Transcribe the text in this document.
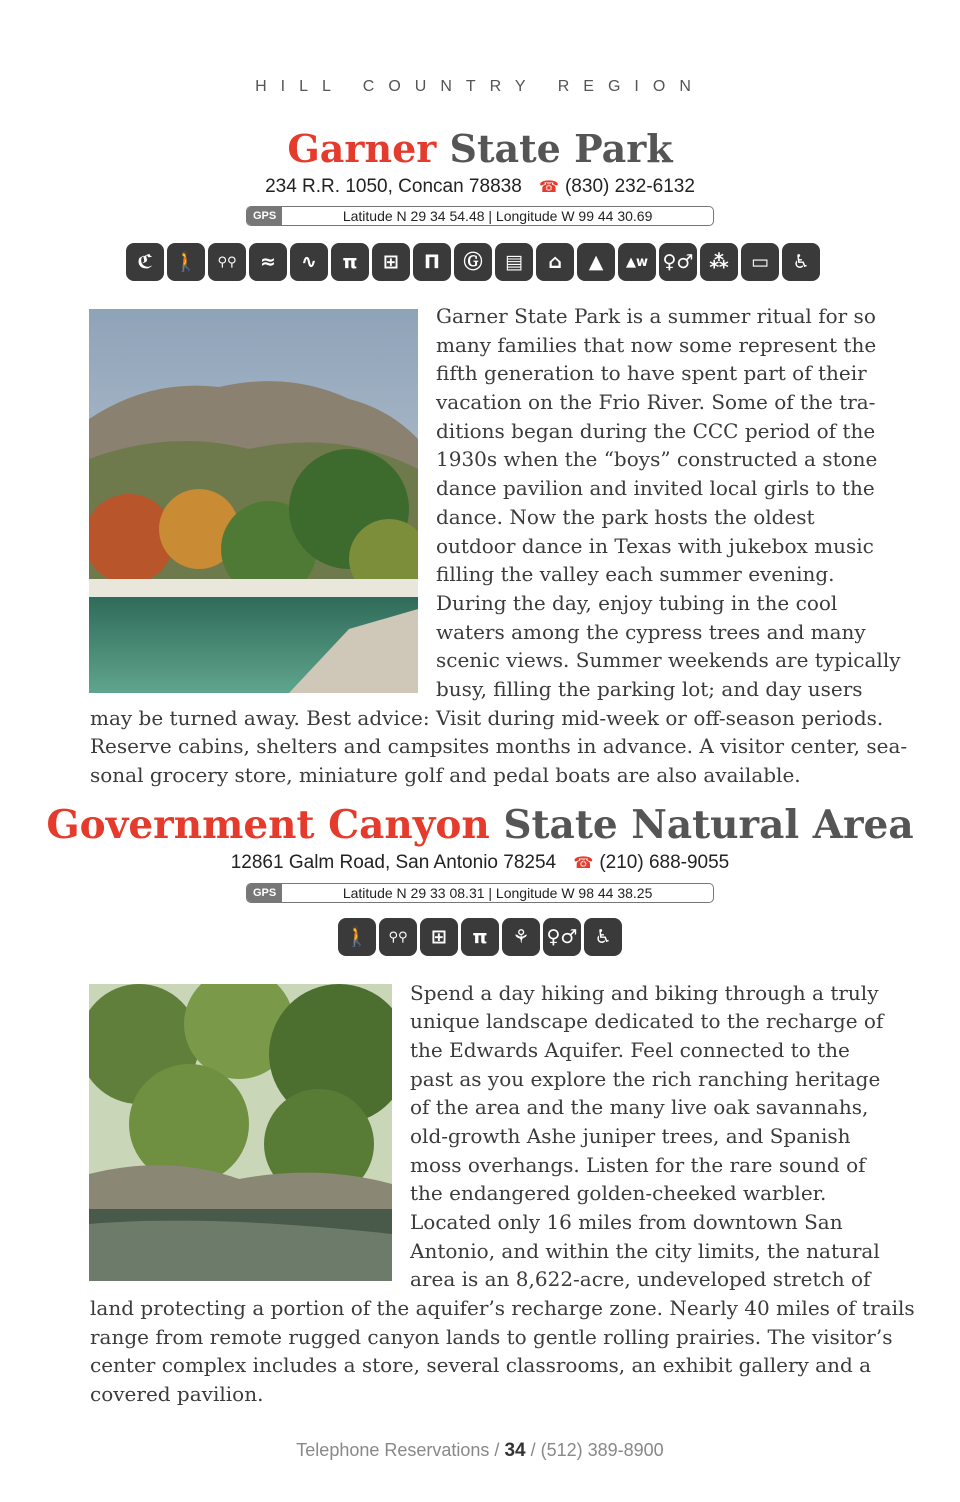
HILL COUNTRY REGION
Garner State Park
234 R.R. 1050, Concan 78838 ☎ (830) 232-6132
GPS	Latitude N 29 34 54.48 | Longitude W 99 44 30.69
ℭ	🚶	⚲⚲	≈	∿	π	⊞	Π	Ⓖ	▤	⌂	▲	▲w ♀♂ ⁂	▭	♿
Garner State Park is a summer ritual for so
many families that now some represent the
fifth generation to have spent part of their
vacation on the Frio River. Some of the tra-
ditions began during the CCC period of the
1930s when the “boys” constructed a stone
dance pavilion and invited local girls to the
dance. Now the park hosts the oldest
outdoor dance in Texas with jukebox music
filling the valley each summer evening.
During the day, enjoy tubing in the cool
waters among the cypress trees and many
scenic views. Summer weekends are typically
busy, filling the parking lot; and day users
may be turned away. Best advice: Visit during mid-week or off-season periods.
Reserve cabins, shelters and campsites months in advance. A visitor center, sea-
sonal grocery store, miniature golf and pedal boats are also available.
Government Canyon State Natural Area
12861 Galm Road, San Antonio 78254 ☎ (210) 688-9055
GPS	Latitude N 29 33 08.31 | Longitude W 98 44 38.25
🚶	⚲⚲	⊞	π	⚘ ♀♂ ♿
Spend a day hiking and biking through a truly
unique landscape dedicated to the recharge of
the Edwards Aquifer. Feel connected to the
past as you explore the rich ranching heritage
of the area and the many live oak savannahs,
old-growth Ashe juniper trees, and Spanish
moss overhangs. Listen for the rare sound of
the endangered golden-cheeked warbler.
Located only 16 miles from downtown San
Antonio, and within the city limits, the natural
area is an 8,622-acre, undeveloped stretch of
land protecting a portion of the aquifer’s recharge zone. Nearly 40 miles of trails
range from remote rugged canyon lands to gentle rolling prairies. The visitor’s
center complex includes a store, several classrooms, an exhibit gallery and a
covered pavilion.
Telephone Reservations / 34 / (512) 389-8900
